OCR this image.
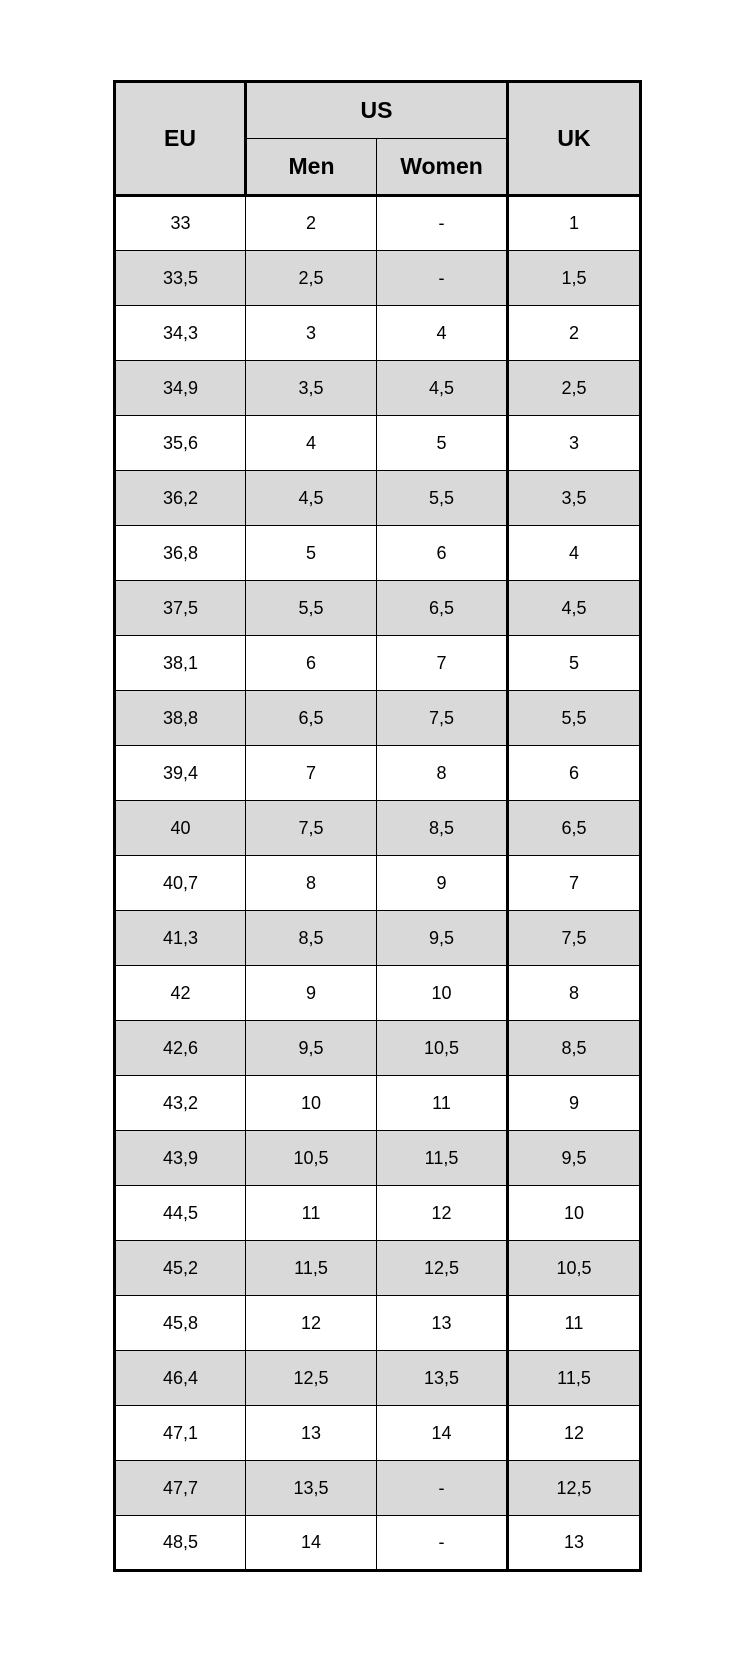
EU	US		UK
	Men	Women	
33	2	-	1
33,5	2,5	-	1,5
34,3	3	4	2
34,9	3,5	4,5	2,5
35,6	4	5	3
36,2	4,5	5,5	3,5
36,8	5	6	4
37,5	5,5	6,5	4,5
38,1	6	7	5
38,8	6,5	7,5	5,5
39,4	7	8	6
40	7,5	8,5	6,5
40,7	8	9	7
41,3	8,5	9,5	7,5
42	9	10	8
42,6	9,5	10,5	8,5
43,2	10	11	9
43,9	10,5	11,5	9,5
44,5	11	12	10
45,2	11,5	12,5	10,5
45,8	12	13	11
46,4	12,5	13,5	11,5
47,1	13	14	12
47,7	13,5	-	12,5
48,5	14	-	13
